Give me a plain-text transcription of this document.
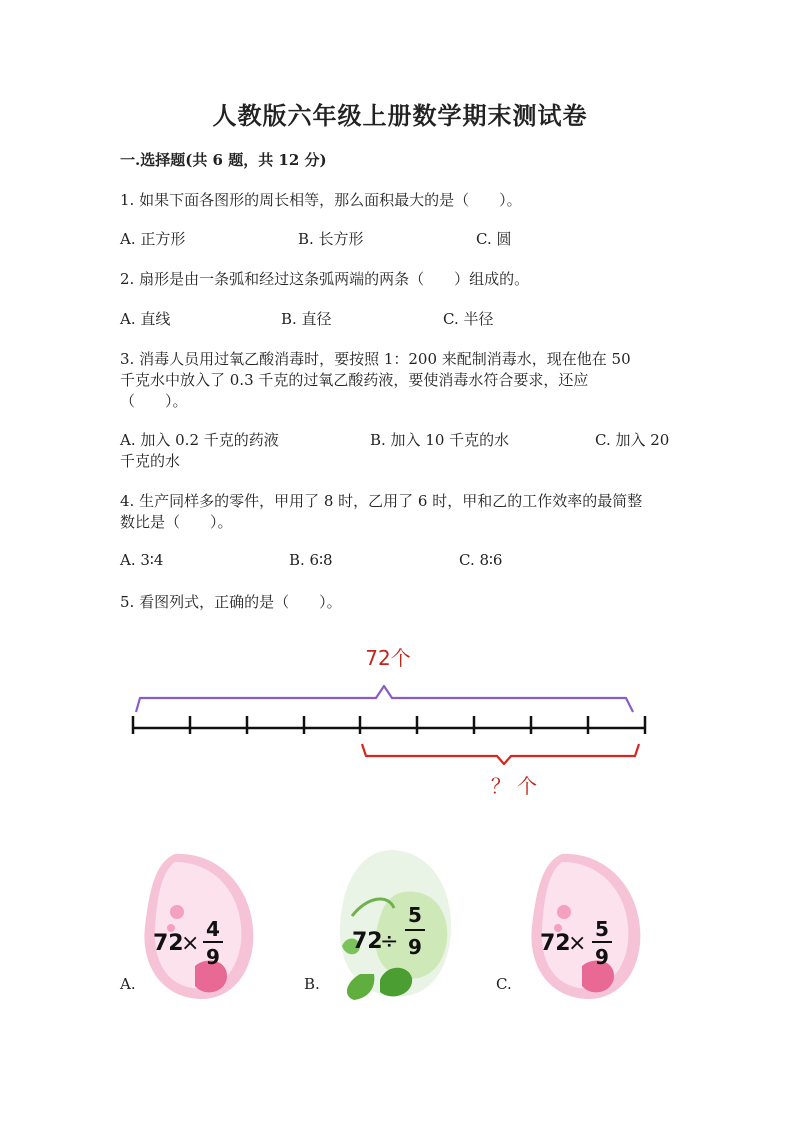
人教版六年级上册数学期末测试卷
一.选择题(共 6 题，共 12 分)
1. 如果下面各图形的周长相等，那么面积最大的是（　　）。
A. 正方形	B. 长方形	C. 圆
2. 扇形是由一条弧和经过这条弧两端的两条（　　）组成的。
A. 直线	B. 直径	C. 半径
3. 消毒人员用过氧乙酸消毒时，要按照 1：200 来配制消毒水，现在他在 50
千克水中放入了 0.3 千克的过氧乙酸药液，要使消毒水符合要求，还应
（　　）。
A. 加入 0.2 千克的药液	B. 加入 10 千克的水	C. 加入 20
千克的水
4. 生产同样多的零件，甲用了 8 时，乙用了 6 时，甲和乙的工作效率的最简整
数比是（　　）。
A. 3∶4	B. 6∶8	C. 8∶6
5. 看图列式，正确的是（　　）。
72个
？ 个
A.
72
×
4
9
B.
72
÷
5
9
C.
72
×
5
9
